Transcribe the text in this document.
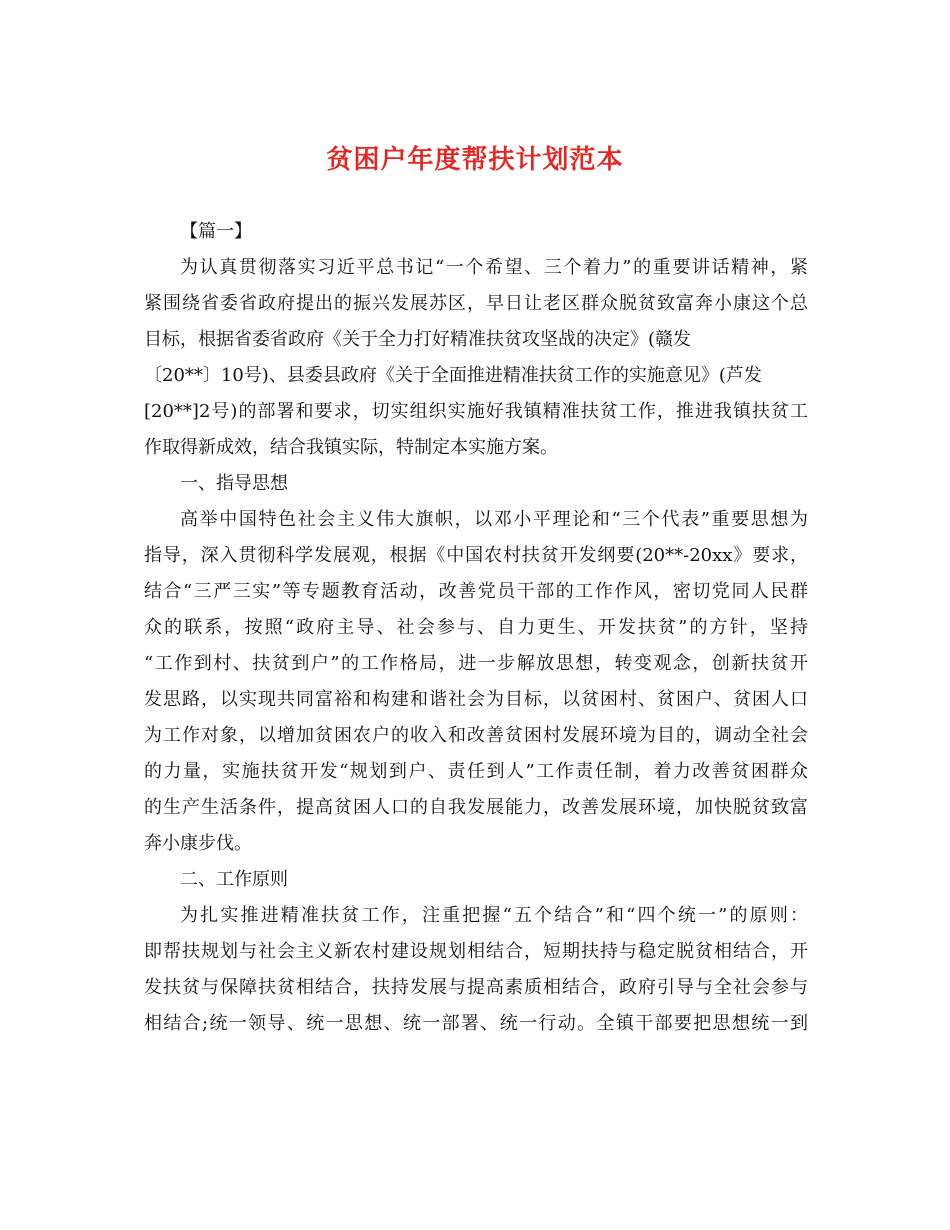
贫困户年度帮扶计划范本
【篇一】
为认真贯彻落实习近平总书记“一个希望、三个着力”的重要讲话精神，紧
紧围绕省委省政府提出的振兴发展苏区，早日让老区群众脱贫致富奔小康这个总
目标，根据省委省政府《关于全力打好精准扶贫攻坚战的决定》(赣发
〔20**〕10号)、县委县政府《关于全面推进精准扶贫工作的实施意见》(芦发
[20**]2号)的部署和要求，切实组织实施好我镇精准扶贫工作，推进我镇扶贫工
作取得新成效，结合我镇实际，特制定本实施方案。
一、指导思想
高举中国特色社会主义伟大旗帜，以邓小平理论和“三个代表”重要思想为
指导，深入贯彻科学发展观，根据《中国农村扶贫开发纲要(20**-20xx》要求，
结合“三严三实”等专题教育活动，改善党员干部的工作作风，密切党同人民群
众的联系，按照“政府主导、社会参与、自力更生、开发扶贫”的方针，坚持
“工作到村、扶贫到户”的工作格局，进一步解放思想，转变观念，创新扶贫开
发思路，以实现共同富裕和构建和谐社会为目标，以贫困村、贫困户、贫困人口
为工作对象，以增加贫困农户的收入和改善贫困村发展环境为目的，调动全社会
的力量，实施扶贫开发“规划到户、责任到人”工作责任制，着力改善贫困群众
的生产生活条件，提高贫困人口的自我发展能力，改善发展环境，加快脱贫致富
奔小康步伐。
二、工作原则
为扎实推进精准扶贫工作，注重把握“五个结合”和“四个统一”的原则：
即帮扶规划与社会主义新农村建设规划相结合，短期扶持与稳定脱贫相结合，开
发扶贫与保障扶贫相结合，扶持发展与提高素质相结合，政府引导与全社会参与
相结合;统一领导、统一思想、统一部署、统一行动。全镇干部要把思想统一到
